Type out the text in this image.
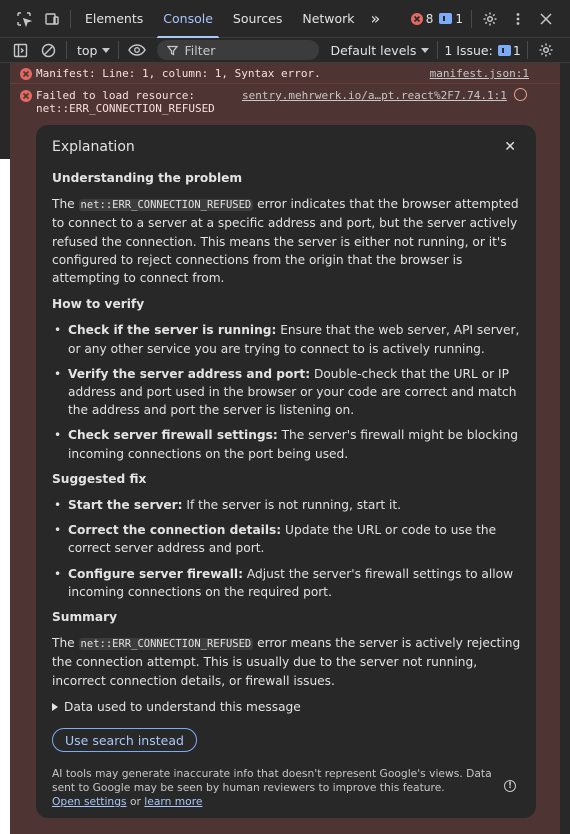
Elements Console Sources Network »	8 1
top	Filter	Default levels 1 Issue: 1
Manifest: Line: 1, column: 1, Syntax error.	manifest.json:1
Failed to load resource:
net::ERR_CONNECTION_REFUSED
sentry.mehrwerk.io/a…pt.react%2F7.74.1:1
Explanation	✕
Understanding the problem

The net::ERR_CONNECTION_REFUSED error indicates that the browser attempted to connect to a server at a specific address and port, but the server actively refused the connection. This means the server is either not running, or it's configured to reject connections from the origin that the browser is attempting to connect from.

How to verify
• Check if the server is running: Ensure that the web server, API server, or any other service you are trying to connect to is actively running.
• Verify the server address and port: Double-check that the URL or IP address and port used in the browser or your code are correct and match the address and port the server is listening on.
• Check server firewall settings: The server's firewall might be blocking incoming connections on the port being used.
Suggested fix
• Start the server: If the server is not running, start it.
• Correct the connection details: Update the URL or code to use the correct server address and port.
• Configure server firewall: Adjust the server's firewall settings to allow incoming connections on the required port.
Summary

The net::ERR_CONNECTION_REFUSED error means the server is actively rejecting the connection attempt. This is usually due to the server not running, incorrect connection details, or firewall issues.

Data used to understand this message
Use search instead
AI tools may generate inaccurate info that doesn't represent Google's views. Data sent to Google may be seen by human reviewers to improve this feature.
Open settings or learn more
!
